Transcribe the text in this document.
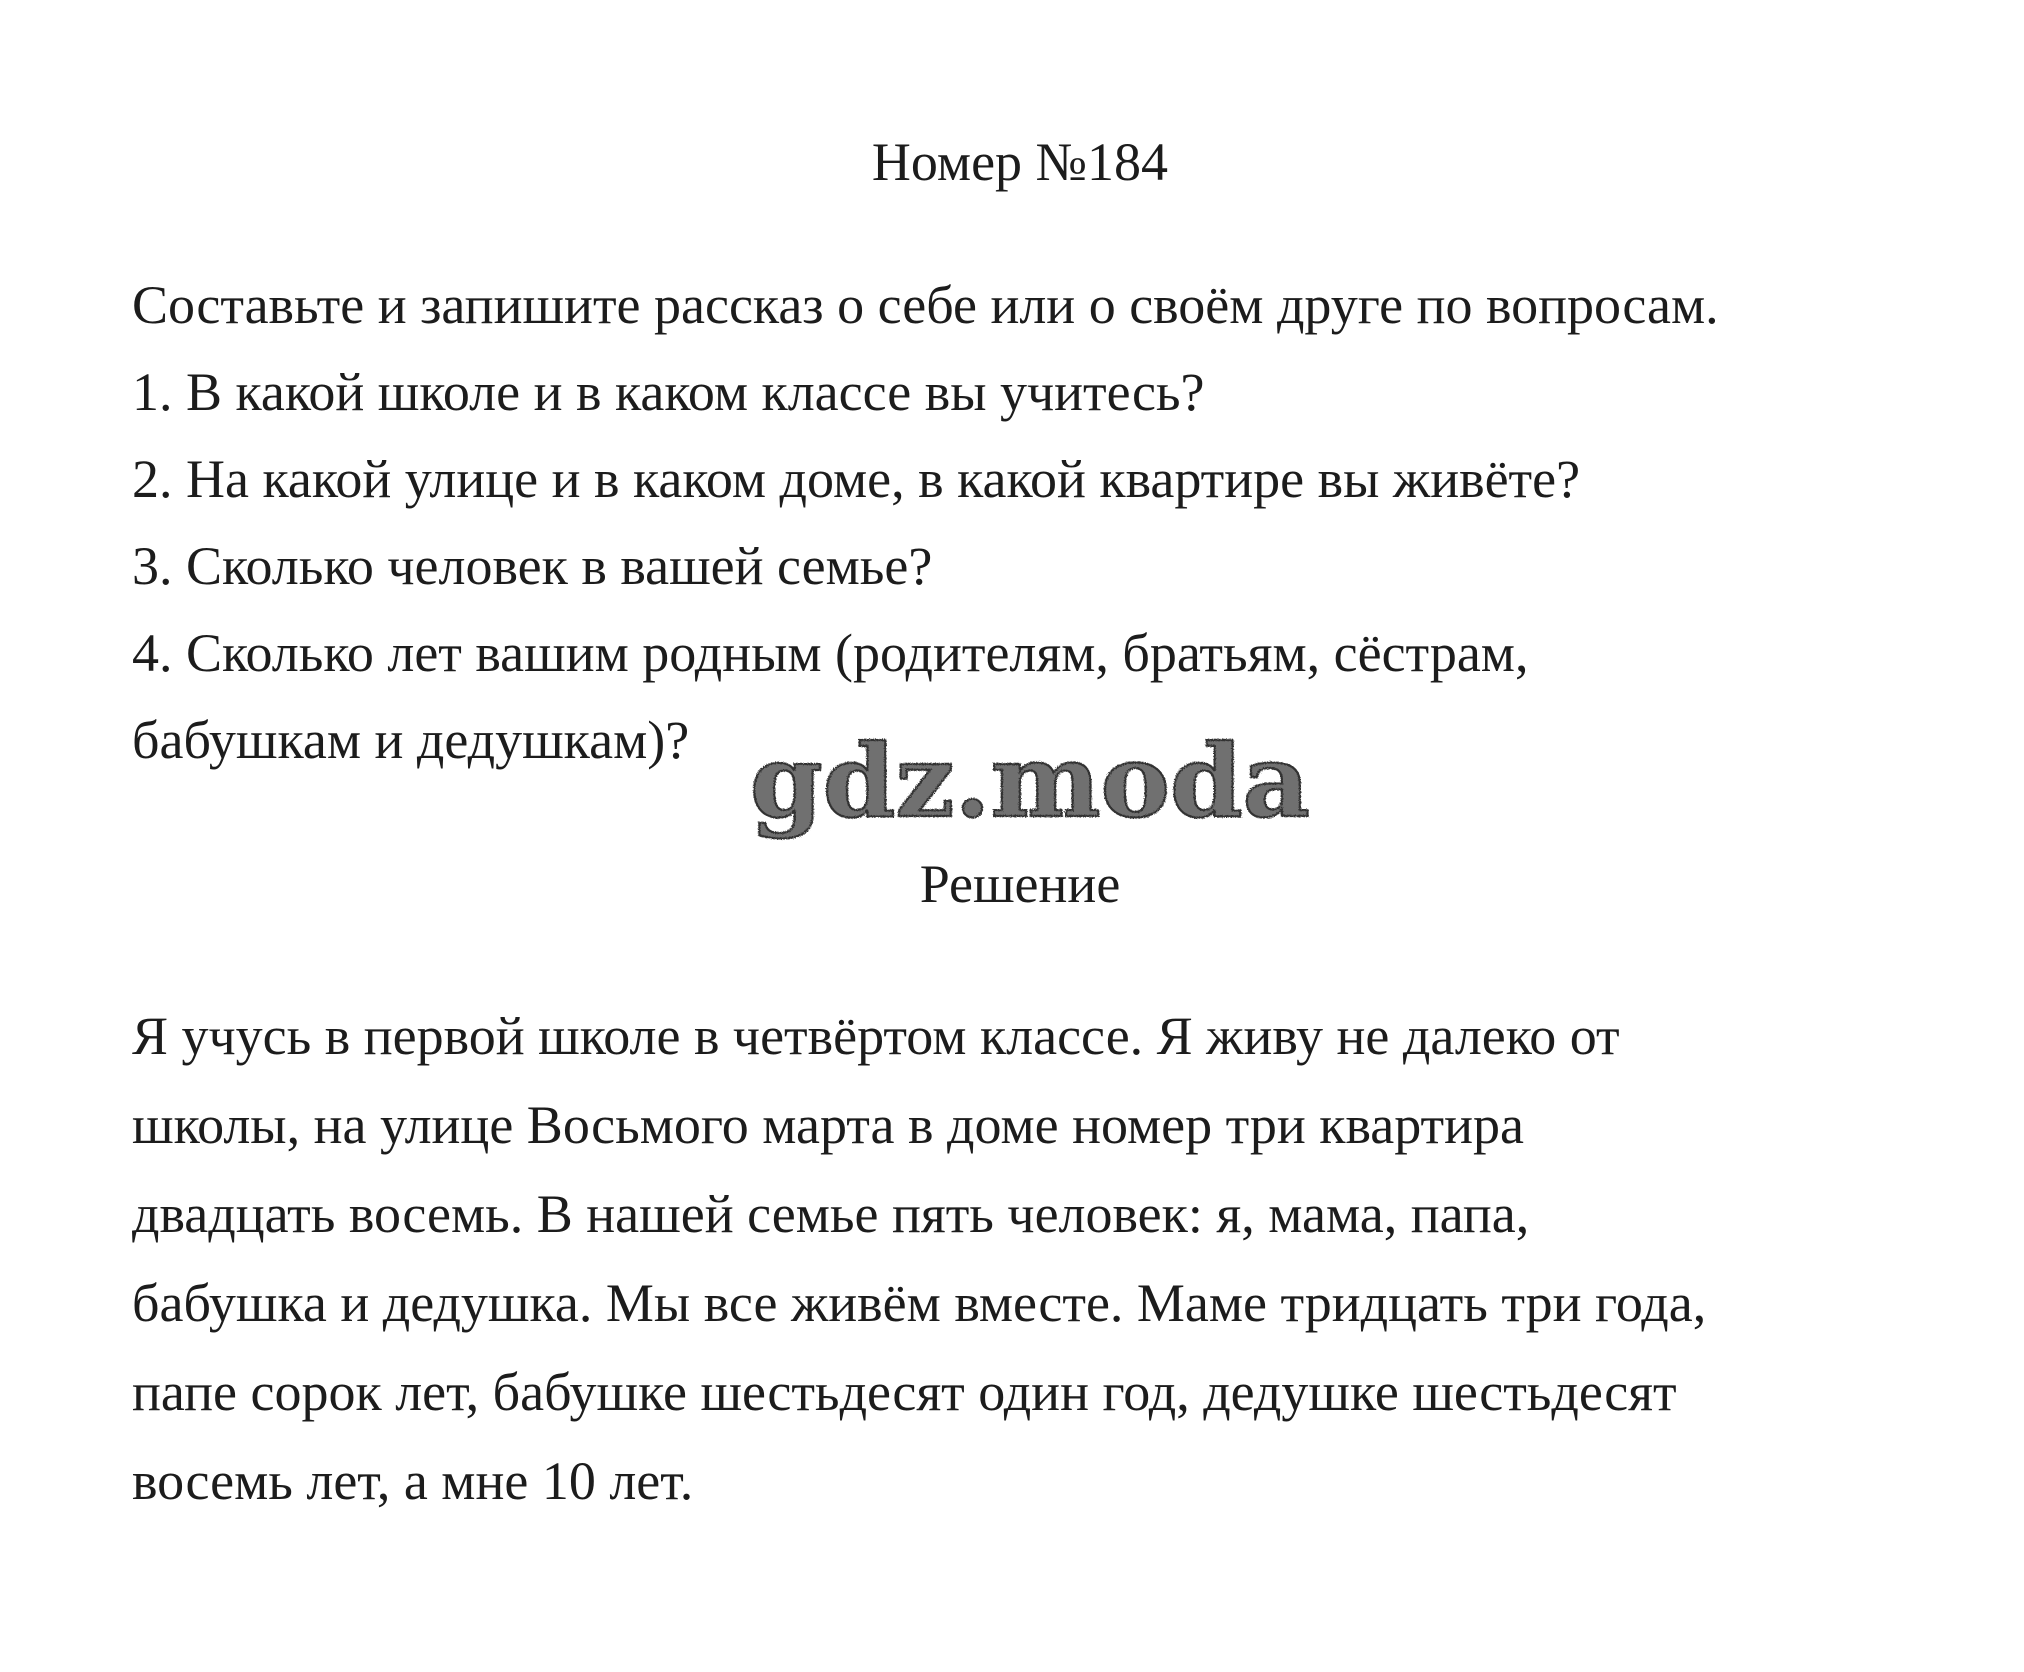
Номер №184
Составьте и запишите рассказ о себе или о своём друге по вопросам.
1. В какой школе и в каком классе вы учитесь?
2. На какой улице и в каком доме, в какой квартире вы живёте?
3. Сколько человек в вашей семье?
4. Сколько лет вашим родным (родителям, братьям, сёстрам,
бабушкам и дедушкам)? gdz.moda
Решение
Я учусь в первой школе в четвёртом классе. Я живу не далеко от
школы, на улице Восьмого марта в доме номер три квартира
двадцать восемь. В нашей семье пять человек: я, мама, папа,
бабушка и дедушка. Мы все живём вместе. Маме тридцать три года,
папе сорок лет, бабушке шестьдесят один год, дедушке шестьдесят
восемь лет, а мне 10 лет.
